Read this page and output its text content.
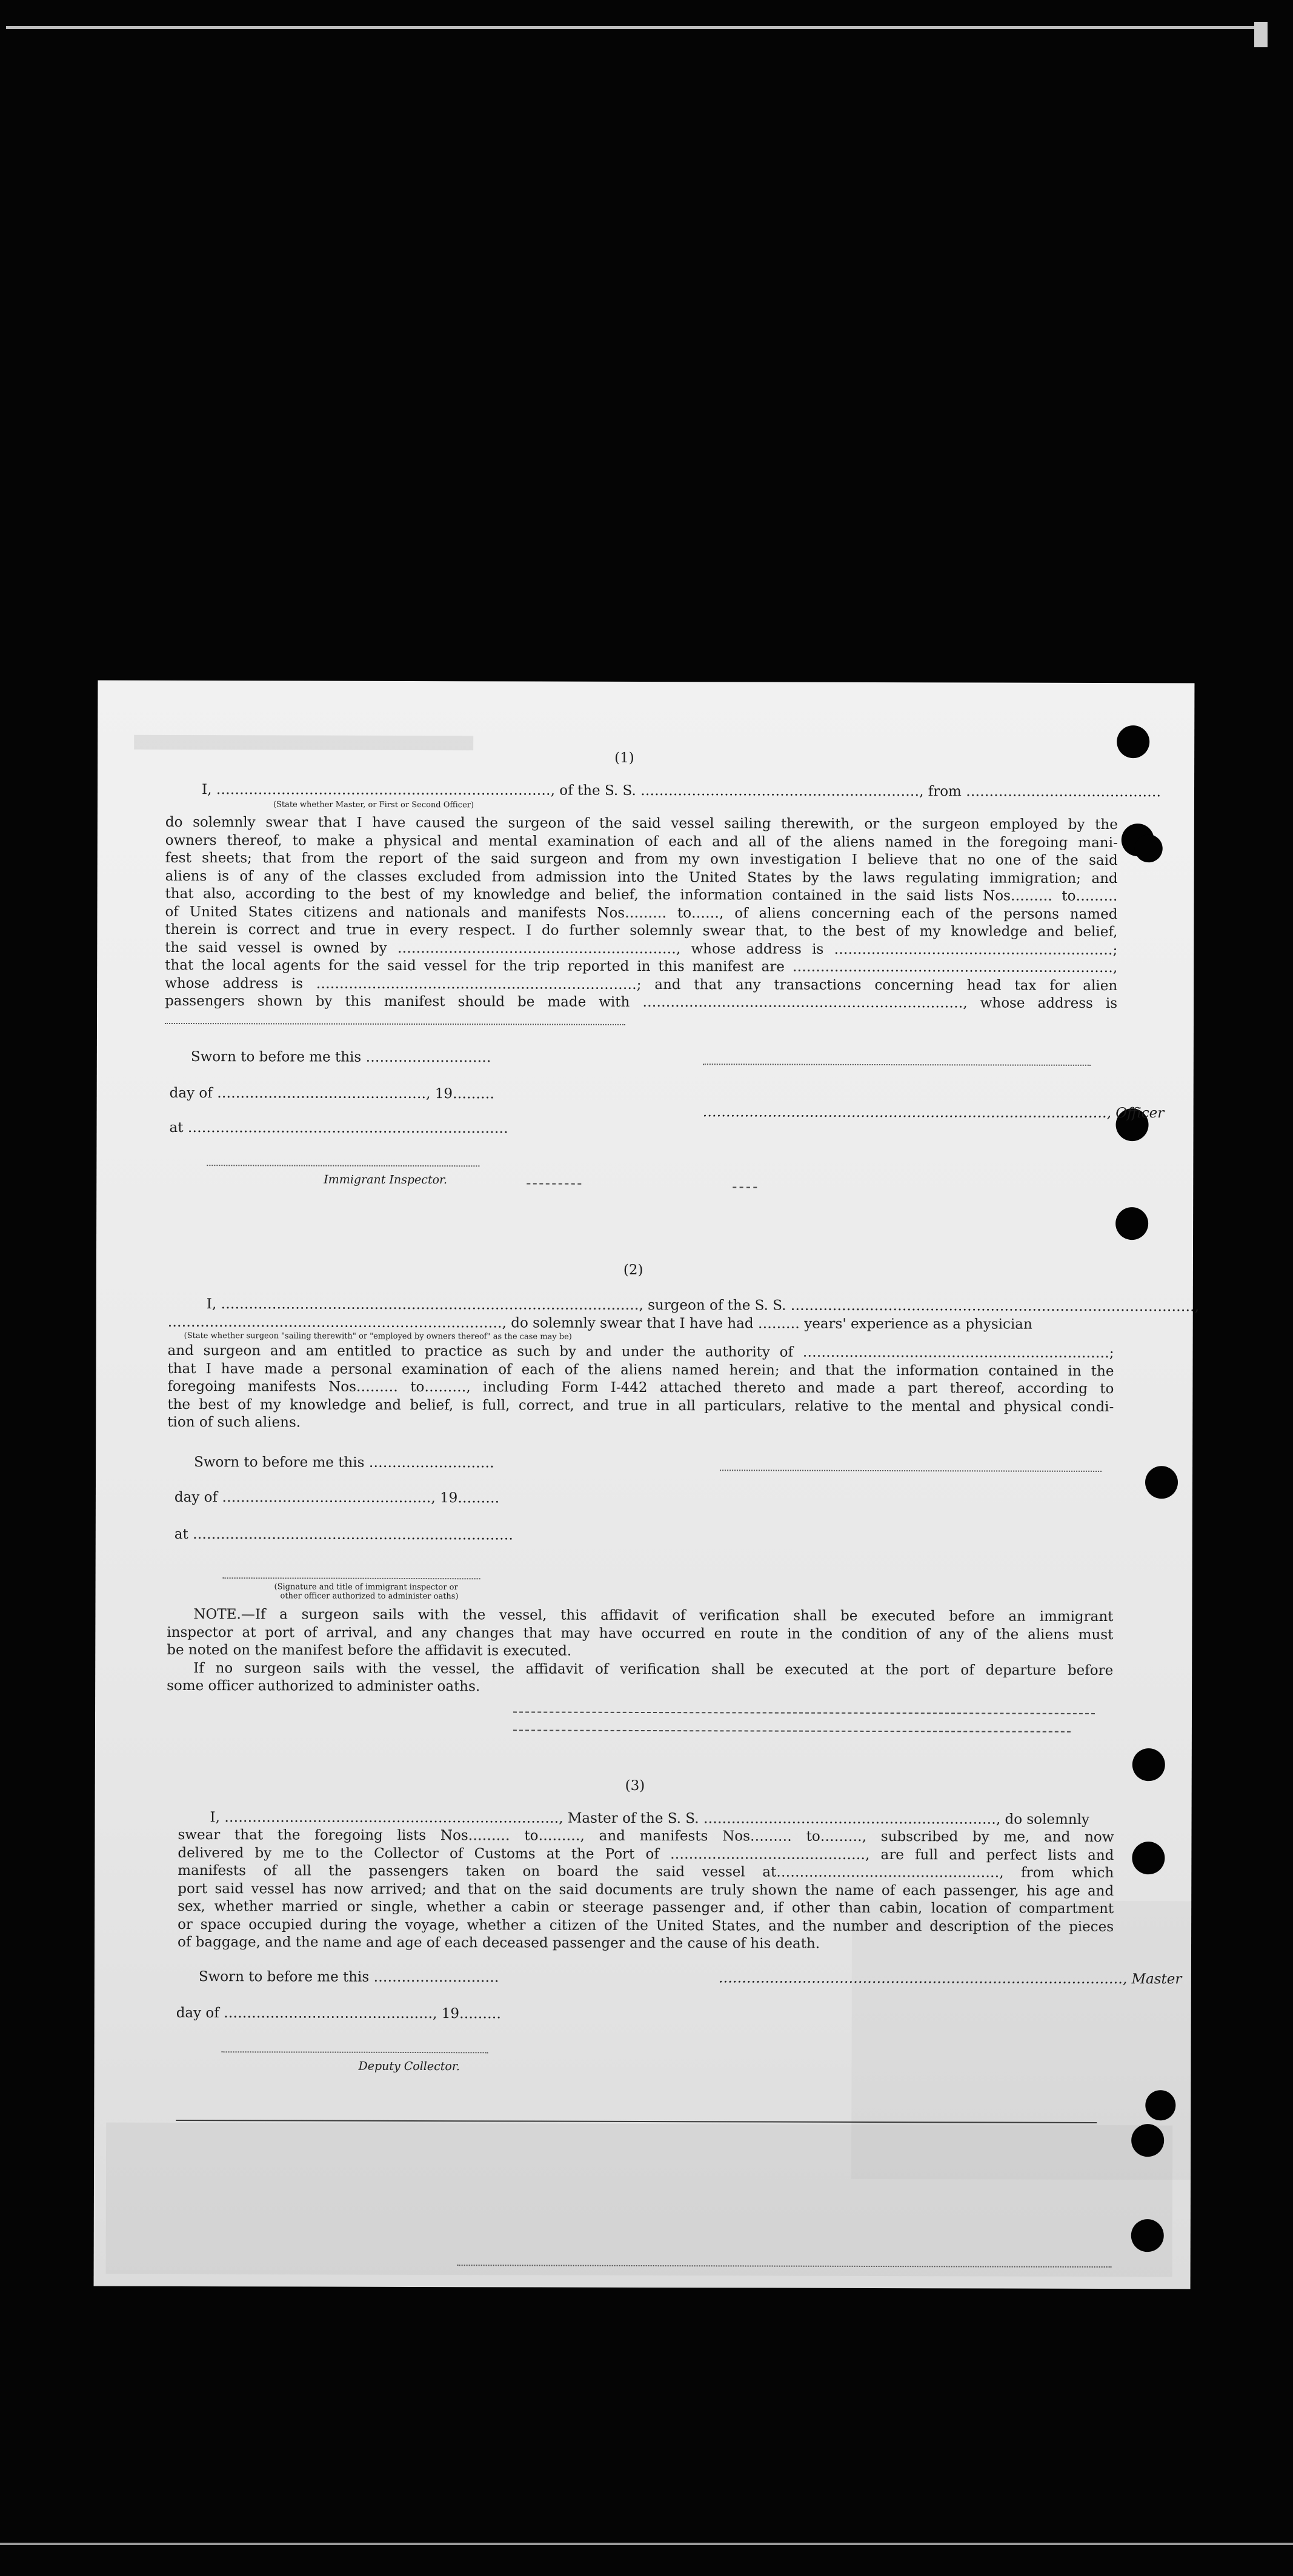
(1)

I, ………………………………………………………………, of the S. S. ……………………………………………………, from ……………………………………

(State whether Master, or First or Second Officer)

do solemnly swear that I have caused the surgeon of the said vessel sailing therewith, or the surgeon employed by the
owners thereof, to make a physical and mental examination of each and all of the aliens named in the foregoing mani-
fest sheets; that from the report of the said surgeon and from my own investigation I believe that no one of the said
aliens is of any of the classes excluded from admission into the United States by the laws regulating immigration; and
that also, according to the best of my knowledge and belief, the information contained in the said lists Nos……… to………
of United States citizens and nationals and manifests Nos……… to……, of aliens concerning each of the persons named
therein is correct and true in every respect. I do further solemnly swear that, to the best of my knowledge and belief,
the said vessel is owned by ……………………………………………………, whose address is ……………………………………………………;
that the local agents for the said vessel for the trip reported in this manifest are ……………………………………………………………,
whose address is ……………………………………………………………; and that any transactions concerning head tax for alien
passengers shown by this manifest should be made with ……………………………………………………………, whose address is

Sworn to before me this ………………………

day of ………………………………………, 19………

at ……………………………………………………………

……………………………………………………………………………, Officer

Immigrant Inspector.

(2)

I, ………………………………………………………………………………, surgeon of the S. S. ……………………………………………………………………………,

………………………………………………………………, do solemnly swear that I have had ……… years' experience as a physician

(State whether surgeon "sailing therewith" or "employed by owners thereof" as the case may be)

and surgeon and am entitled to practice as such by and under the authority of …………………………………………………………;
that I have made a personal examination of each of the aliens named herein; and that the information contained in the
foregoing manifests Nos……… to………, including Form I-442 attached thereto and made a part thereof, according to
the best of my knowledge and belief, is full, correct, and true in all particulars, relative to the mental and physical condi-

tion of such aliens.

Sworn to before me this ………………………

day of ………………………………………, 19………

at ……………………………………………………………

(Signature and title of immigrant inspector or

other officer authorized to administer oaths)

NOTE.—If a surgeon sails with the vessel, this affidavit of verification shall be executed before an immigrant
inspector at port of arrival, and any changes that may have occurred en route in the condition of any of the aliens must

be noted on the manifest before the affidavit is executed.

If no surgeon sails with the vessel, the affidavit of verification shall be executed at the port of departure before

some officer authorized to administer oaths.

(3)

I, ………………………………………………………………, Master of the S. S. ………………………………………………………, do solemnly

swear that the foregoing lists Nos……… to………, and manifests Nos……… to………, subscribed by me, and now
delivered by me to the Collector of Customs at the Port of ……………………………………, are full and perfect lists and
manifests of all the passengers taken on board the said vessel at…………………………………………, from which
port said vessel has now arrived; and that on the said documents are truly shown the name of each passenger, his age and
sex, whether married or single, whether a cabin or steerage passenger and, if other than cabin, location of compartment
or space occupied during the voyage, whether a citizen of the United States, and the number and description of the pieces

of baggage, and the name and age of each deceased passenger and the cause of his death.

Sworn to before me this ………………………	……………………………………………………………………………, Master

day of ………………………………………, 19………

Deputy Collector.
